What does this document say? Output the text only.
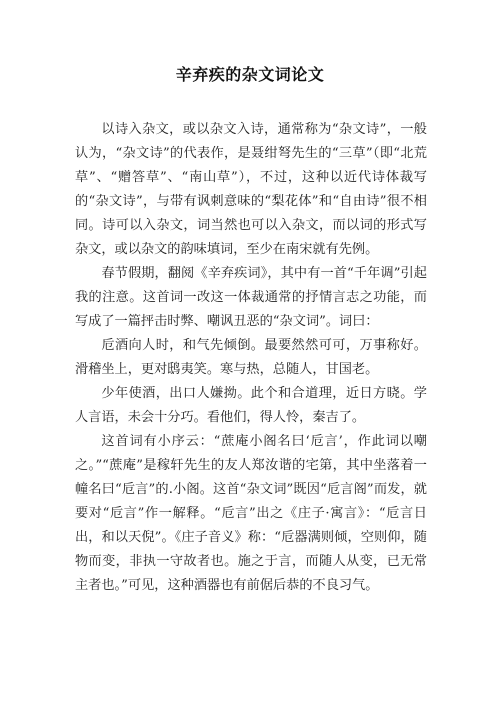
辛弃疾的杂文词论文

以诗入杂文，或以杂文入诗，通常称为“杂文诗”，一般认为，“杂文诗”的代表作，是聂绀弩先生的“三草”（即“北荒草”、“赠答草”、“南山草”），不过，这种以近代诗体裁写的“杂文诗”，与带有讽刺意味的“梨花体”和“自由诗”很不相同。诗可以入杂文，词当然也可以入杂文，而以词的形式写杂文，或以杂文的韵味填词，至少在南宋就有先例。

春节假期，翻阅《辛弃疾词》，其中有一首“千年调”引起我的注意。这首词一改这一体裁通常的抒情言志之功能，而写成了一篇抨击时弊、嘲讽丑恶的“杂文词”。词曰：

卮酒向人时，和气先倾倒。最要然然可可，万事称好。滑稽坐上，更对鸱夷笑。寒与热，总随人，甘国老。

少年使酒，出口人嫌拗。此个和合道理，近日方晓。学人言语，未会十分巧。看他们，得人怜，秦吉了。

这首词有小序云：“蔗庵小阁名曰‘卮言’，作此词以嘲之。”“蔗庵”是稼轩先生的友人郑汝谐的宅第，其中坐落着一幢名曰“卮言”的.小阁。这首“杂文词”既因“卮言阁”而发，就要对“卮言”作一解释。“卮言”出之《庄子·寓言》：“卮言日出，和以天倪”。《庄子音义》称：“卮器满则倾，空则仰，随物而变，非执一守故者也。施之于言，而随人从变，已无常主者也。”可见，这种酒器也有前倨后恭的不良习气。
